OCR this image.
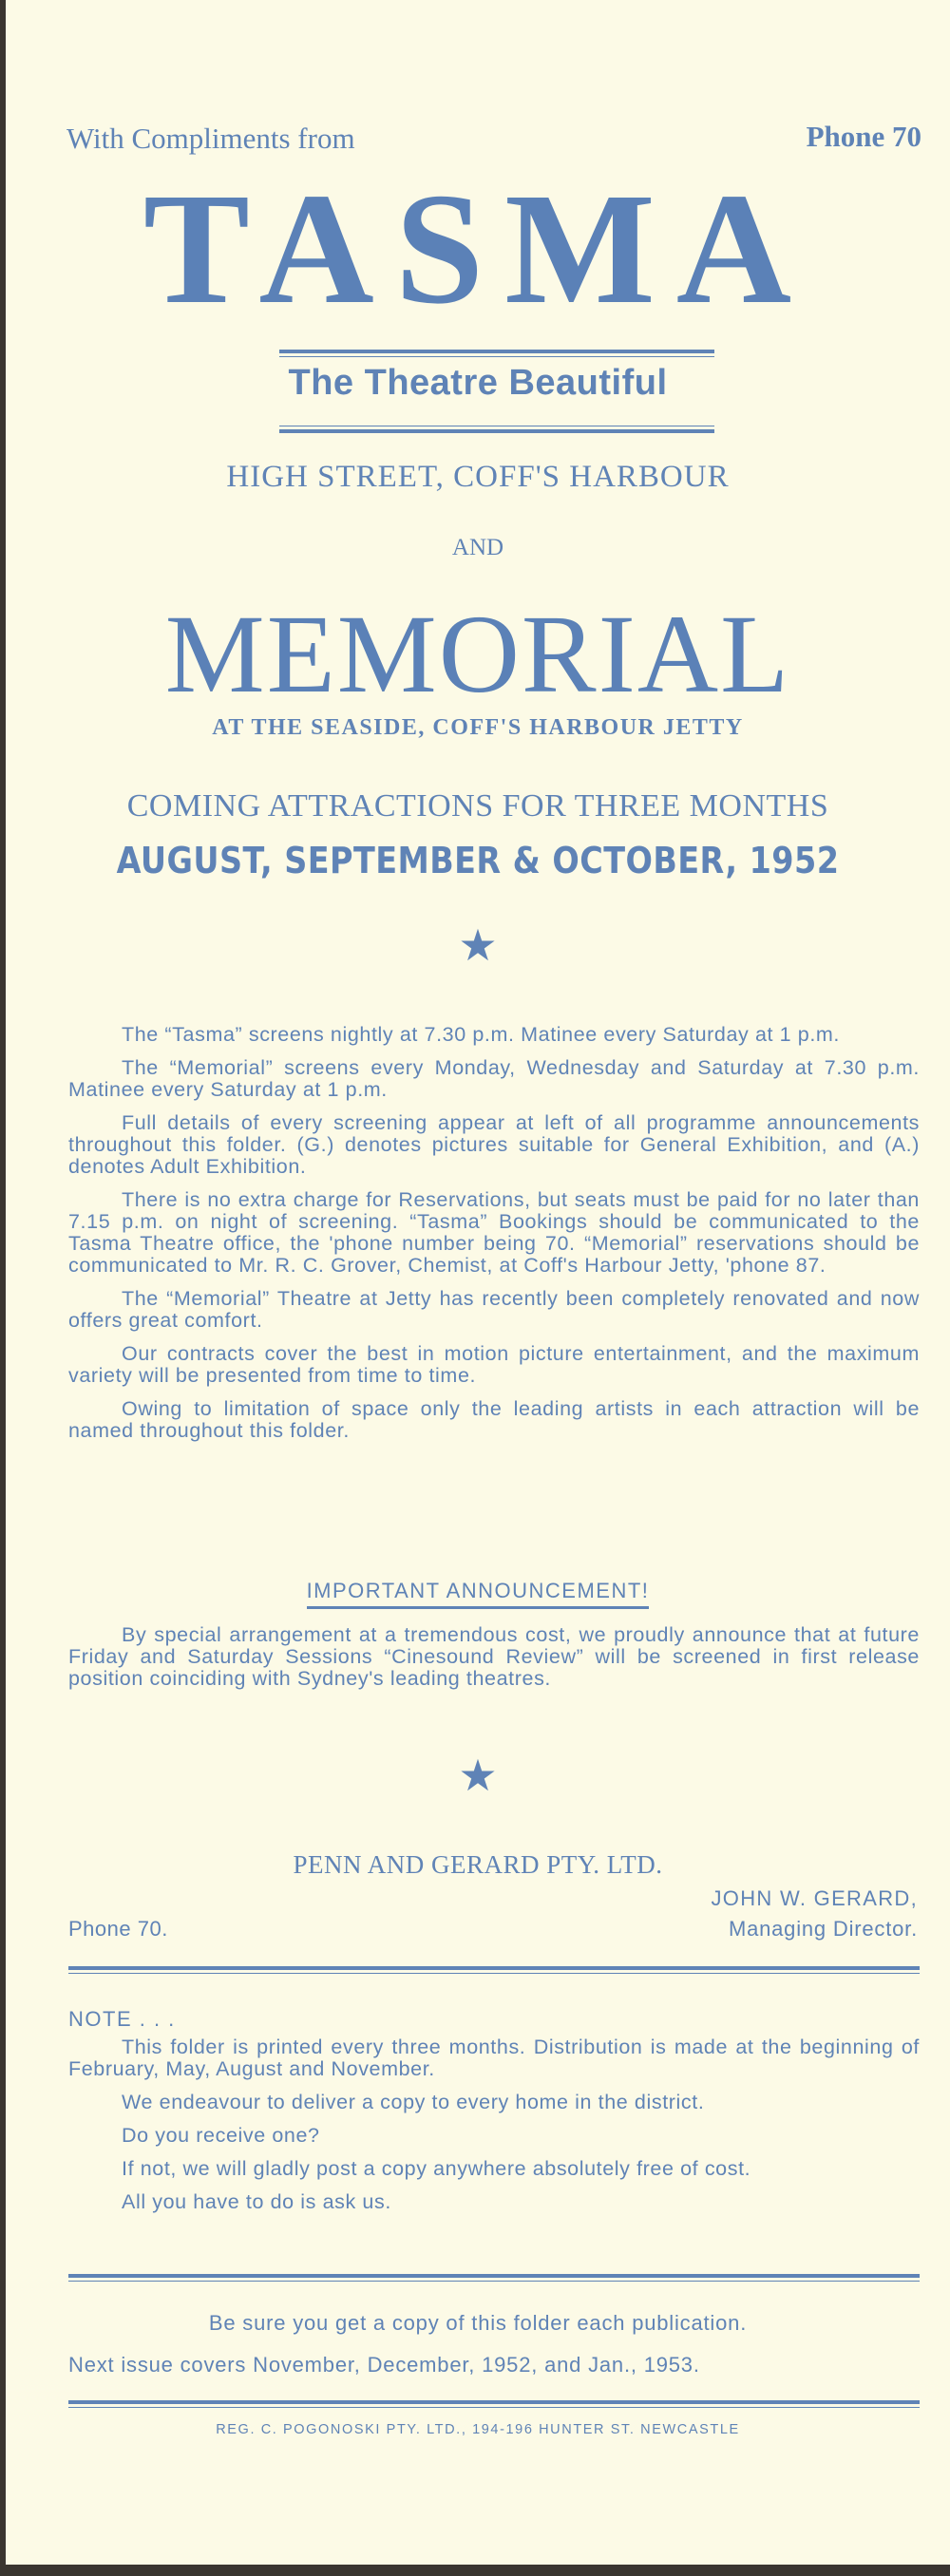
With Compliments from	Phone 70
TASMA
The Theatre Beautiful
HIGH STREET, COFF'S HARBOUR
AND
MEMORIAL
AT THE SEASIDE, COFF'S HARBOUR JETTY
COMING ATTRACTIONS FOR THREE MONTHS
AUGUST, SEPTEMBER & OCTOBER, 1952
★

The “Tasma” screens nightly at 7.30 p.m. Matinee every Saturday at 1 p.m.

The “Memorial” screens every Monday, Wednesday and Saturday at 7.30 p.m. Matinee every Saturday at 1 p.m.

Full details of every screening appear at left of all programme announcements throughout this folder. (G.) denotes pictures suitable for General Exhibition, and (A.) denotes Adult Exhibition.

There is no extra charge for Reservations, but seats must be paid for no later than 7.15 p.m. on night of screening. “Tasma” Bookings should be communicated to the Tasma Theatre office, the 'phone number being 70. “Memorial” reservations should be communicated to Mr. R. C. Grover, Chemist, at Coff's Harbour Jetty, 'phone 87.

The “Memorial” Theatre at Jetty has recently been completely renovated and now offers great comfort.

Our contracts cover the best in motion picture entertainment, and the maximum variety will be presented from time to time.

Owing to limitation of space only the leading artists in each attraction will be named throughout this folder.

IMPORTANT ANNOUNCEMENT!

By special arrangement at a tremendous cost, we proudly announce that at future Friday and Saturday Sessions “Cinesound Review” will be screened in first release position coinciding with Sydney's leading theatres.

★
PENN AND GERARD PTY. LTD.
JOHN W. GERARD,
Phone 70.	Managing Director.
NOTE . . .

This folder is printed every three months. Distribution is made at the beginning of February, May, August and November.

We endeavour to deliver a copy to every home in the district.

Do you receive one?

If not, we will gladly post a copy anywhere absolutely free of cost.

All you have to do is ask us.

Be sure you get a copy of this folder each publication.
Next issue covers November, December, 1952, and Jan., 1953.
REG. C. POGONOSKI PTY. LTD., 194-196 HUNTER ST. NEWCASTLE
